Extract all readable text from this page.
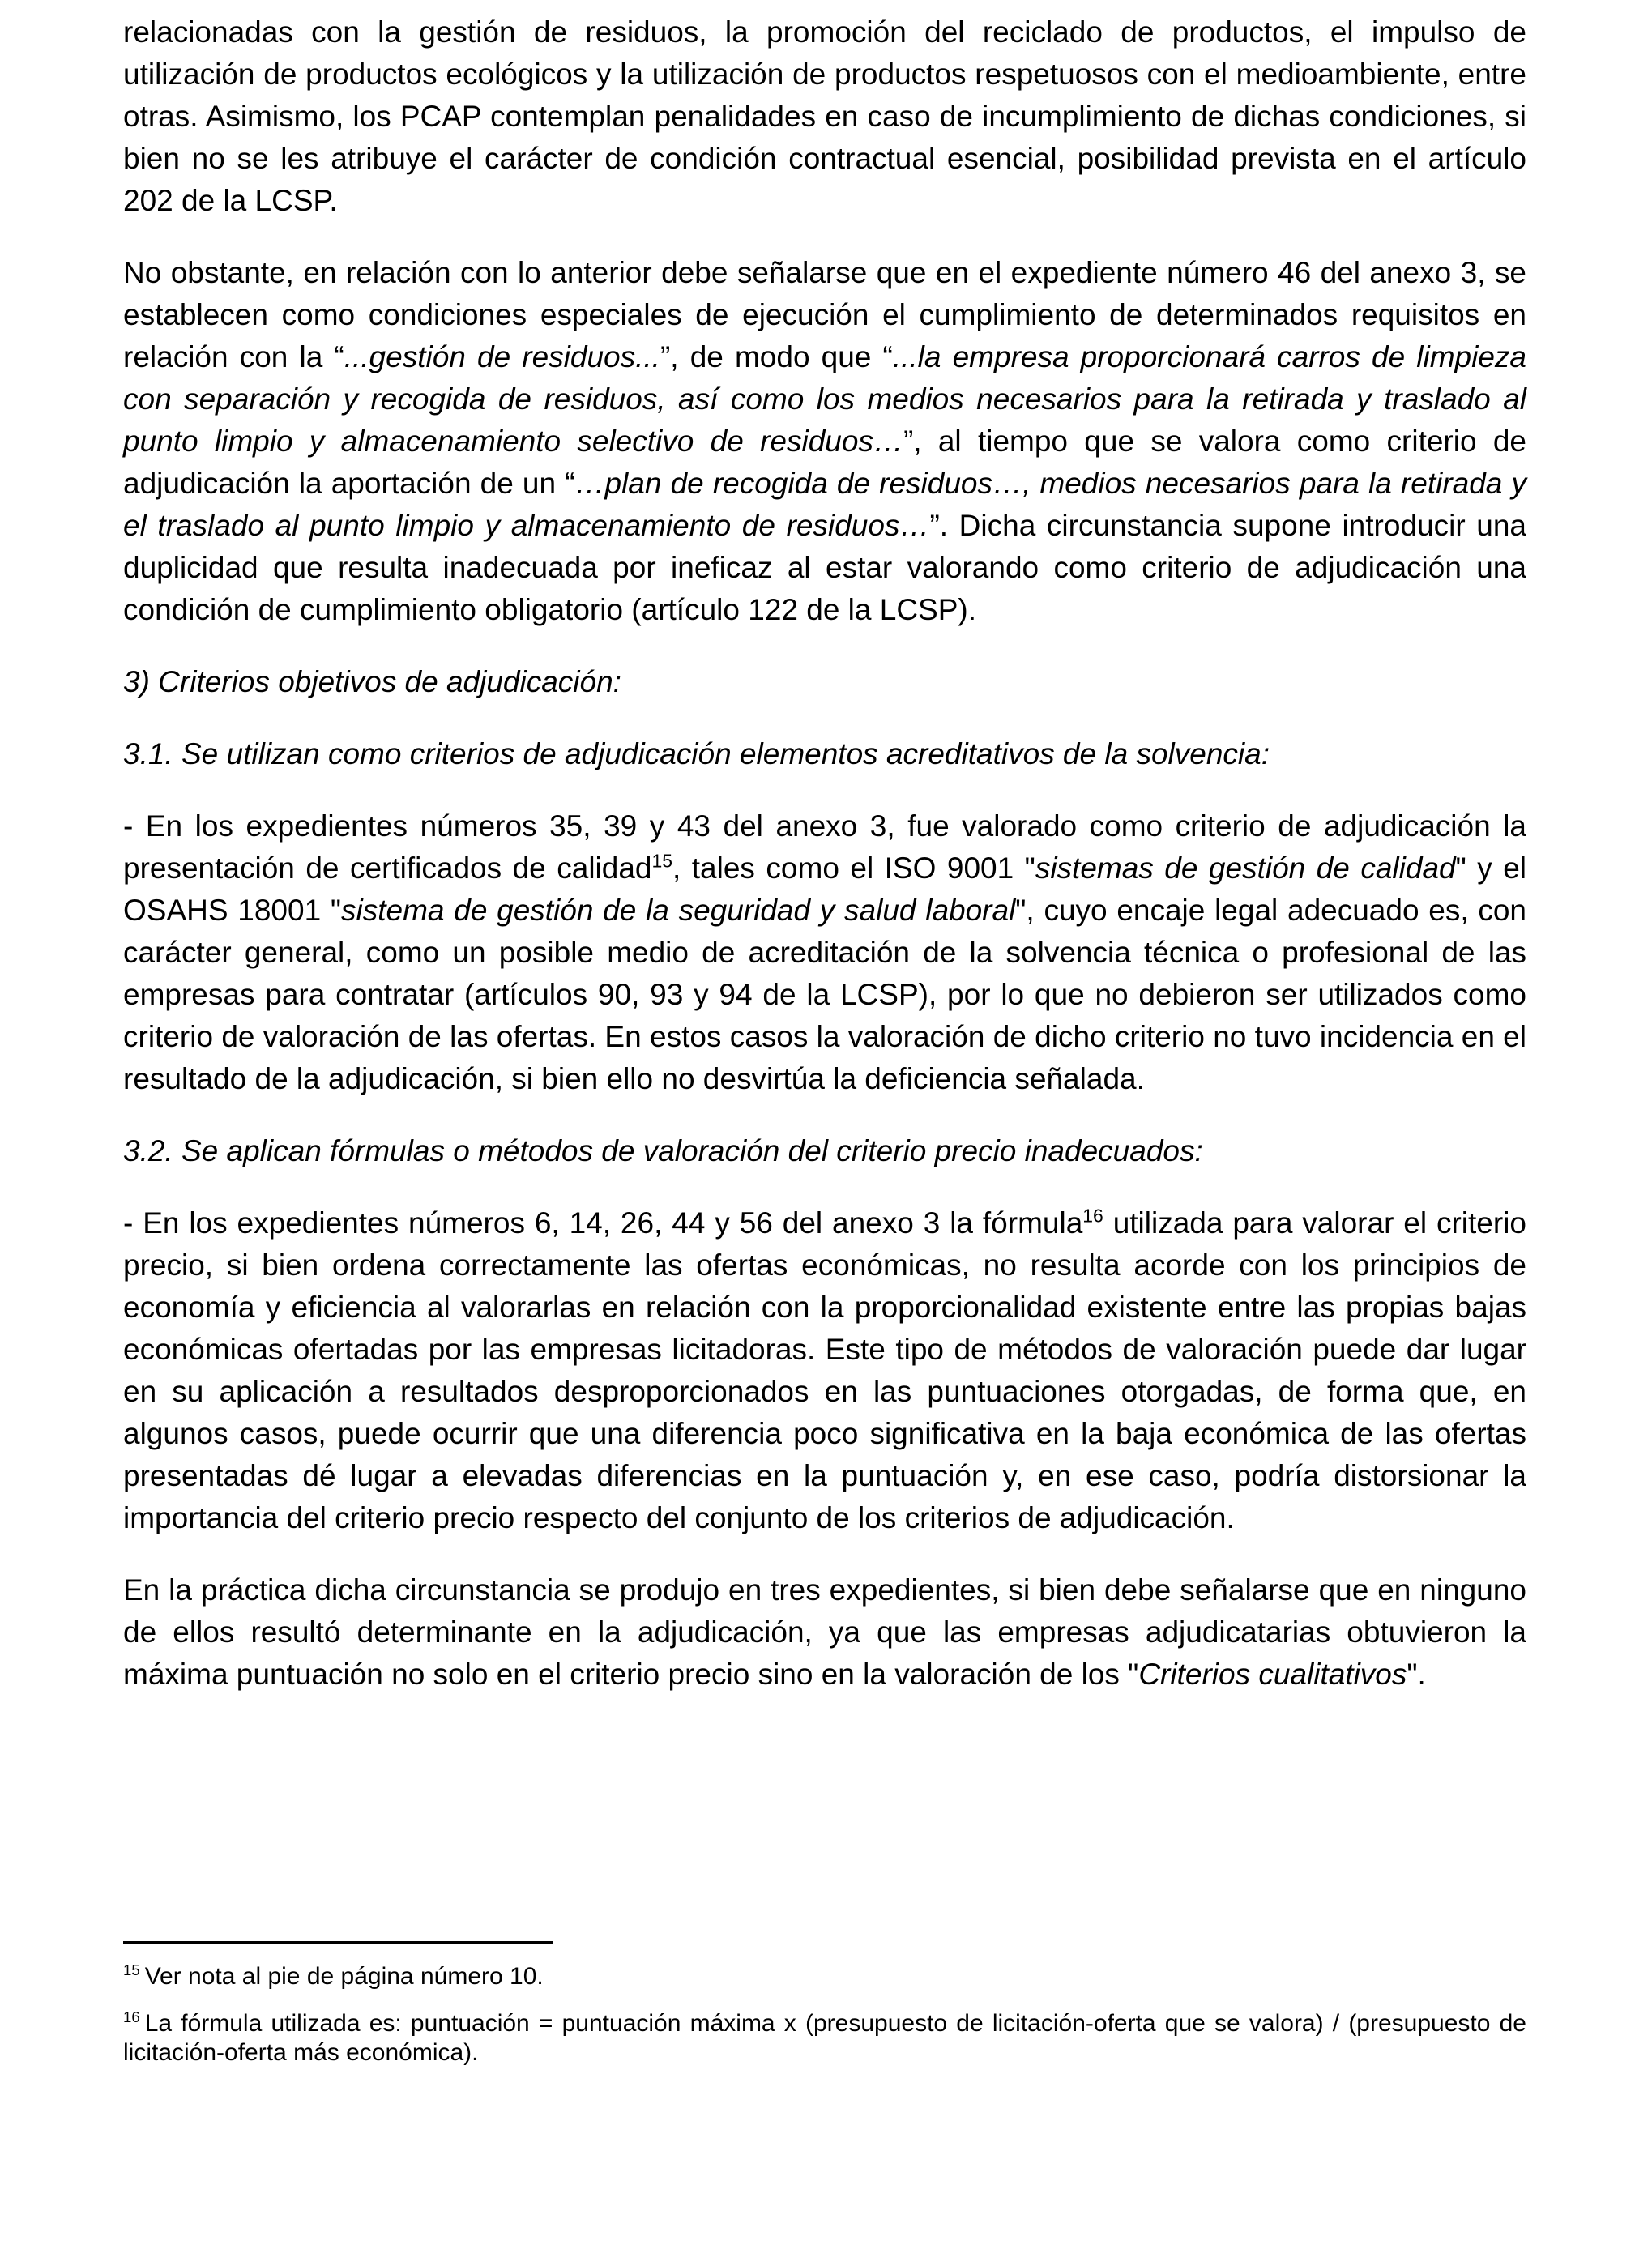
relacionadas con la gestión de residuos, la promoción del reciclado de productos, el impulso de utilización de productos ecológicos y la utilización de productos respetuosos con el medioambiente, entre otras. Asimismo, los PCAP contemplan penalidades en caso de incumplimiento de dichas condiciones, si bien no se les atribuye el carácter de condición contractual esencial, posibilidad prevista en el artículo 202 de la LCSP.

No obstante, en relación con lo anterior debe señalarse que en el expediente número 46 del anexo 3, se establecen como condiciones especiales de ejecución el cumplimiento de determinados requisitos en relación con la “...gestión de residuos...”, de modo que “...la empresa proporcionará carros de limpieza con separación y recogida de residuos, así como los medios necesarios para la retirada y traslado al punto limpio y almacenamiento selectivo de residuos…”, al tiempo que se valora como criterio de adjudicación la aportación de un “…plan de recogida de residuos…, medios necesarios para la retirada y el traslado al punto limpio y almacenamiento de residuos…”. Dicha circunstancia supone introducir una duplicidad que resulta inadecuada por ineficaz al estar valorando como criterio de adjudicación una condición de cumplimiento obligatorio (artículo 122 de la LCSP).

3) Criterios objetivos de adjudicación:

3.1. Se utilizan como criterios de adjudicación elementos acreditativos de la solvencia:

- En los expedientes números 35, 39 y 43 del anexo 3, fue valorado como criterio de adjudicación la presentación de certificados de calidad$^{15}$, tales como el ISO 9001 "sistemas de gestión de calidad" y el OSAHS 18001 "sistema de gestión de la seguridad y salud laboral", cuyo encaje legal adecuado es, con carácter general, como un posible medio de acreditación de la solvencia técnica o profesional de las empresas para contratar (artículos 90, 93 y 94 de la LCSP), por lo que no debieron ser utilizados como criterio de valoración de las ofertas. En estos casos la valoración de dicho criterio no tuvo incidencia en el resultado de la adjudicación, si bien ello no desvirtúa la deficiencia señalada.

3.2. Se aplican fórmulas o métodos de valoración del criterio precio inadecuados:

- En los expedientes números 6, 14, 26, 44 y 56 del anexo 3 la fórmula$^{16}$ utilizada para valorar el criterio precio, si bien ordena correctamente las ofertas económicas, no resulta acorde con los principios de economía y eficiencia al valorarlas en relación con la proporcionalidad existente entre las propias bajas económicas ofertadas por las empresas licitadoras. Este tipo de métodos de valoración puede dar lugar en su aplicación a resultados desproporcionados en las puntuaciones otorgadas, de forma que, en algunos casos, puede ocurrir que una diferencia poco significativa en la baja económica de las ofertas presentadas dé lugar a elevadas diferencias en la puntuación y, en ese caso, podría distorsionar la importancia del criterio precio respecto del conjunto de los criterios de adjudicación.

En la práctica dicha circunstancia se produjo en tres expedientes, si bien debe señalarse que en ninguno de ellos resultó determinante en la adjudicación, ya que las empresas adjudicatarias obtuvieron la máxima puntuación no solo en el criterio precio sino en la valoración de los "Criterios cualitativos".

$^{15}$ Ver nota al pie de página número 10.
$^{16}$ La fórmula utilizada es: puntuación = puntuación máxima x (presupuesto de licitación-oferta que se valora) / (presupuesto de licitación-oferta más económica).
